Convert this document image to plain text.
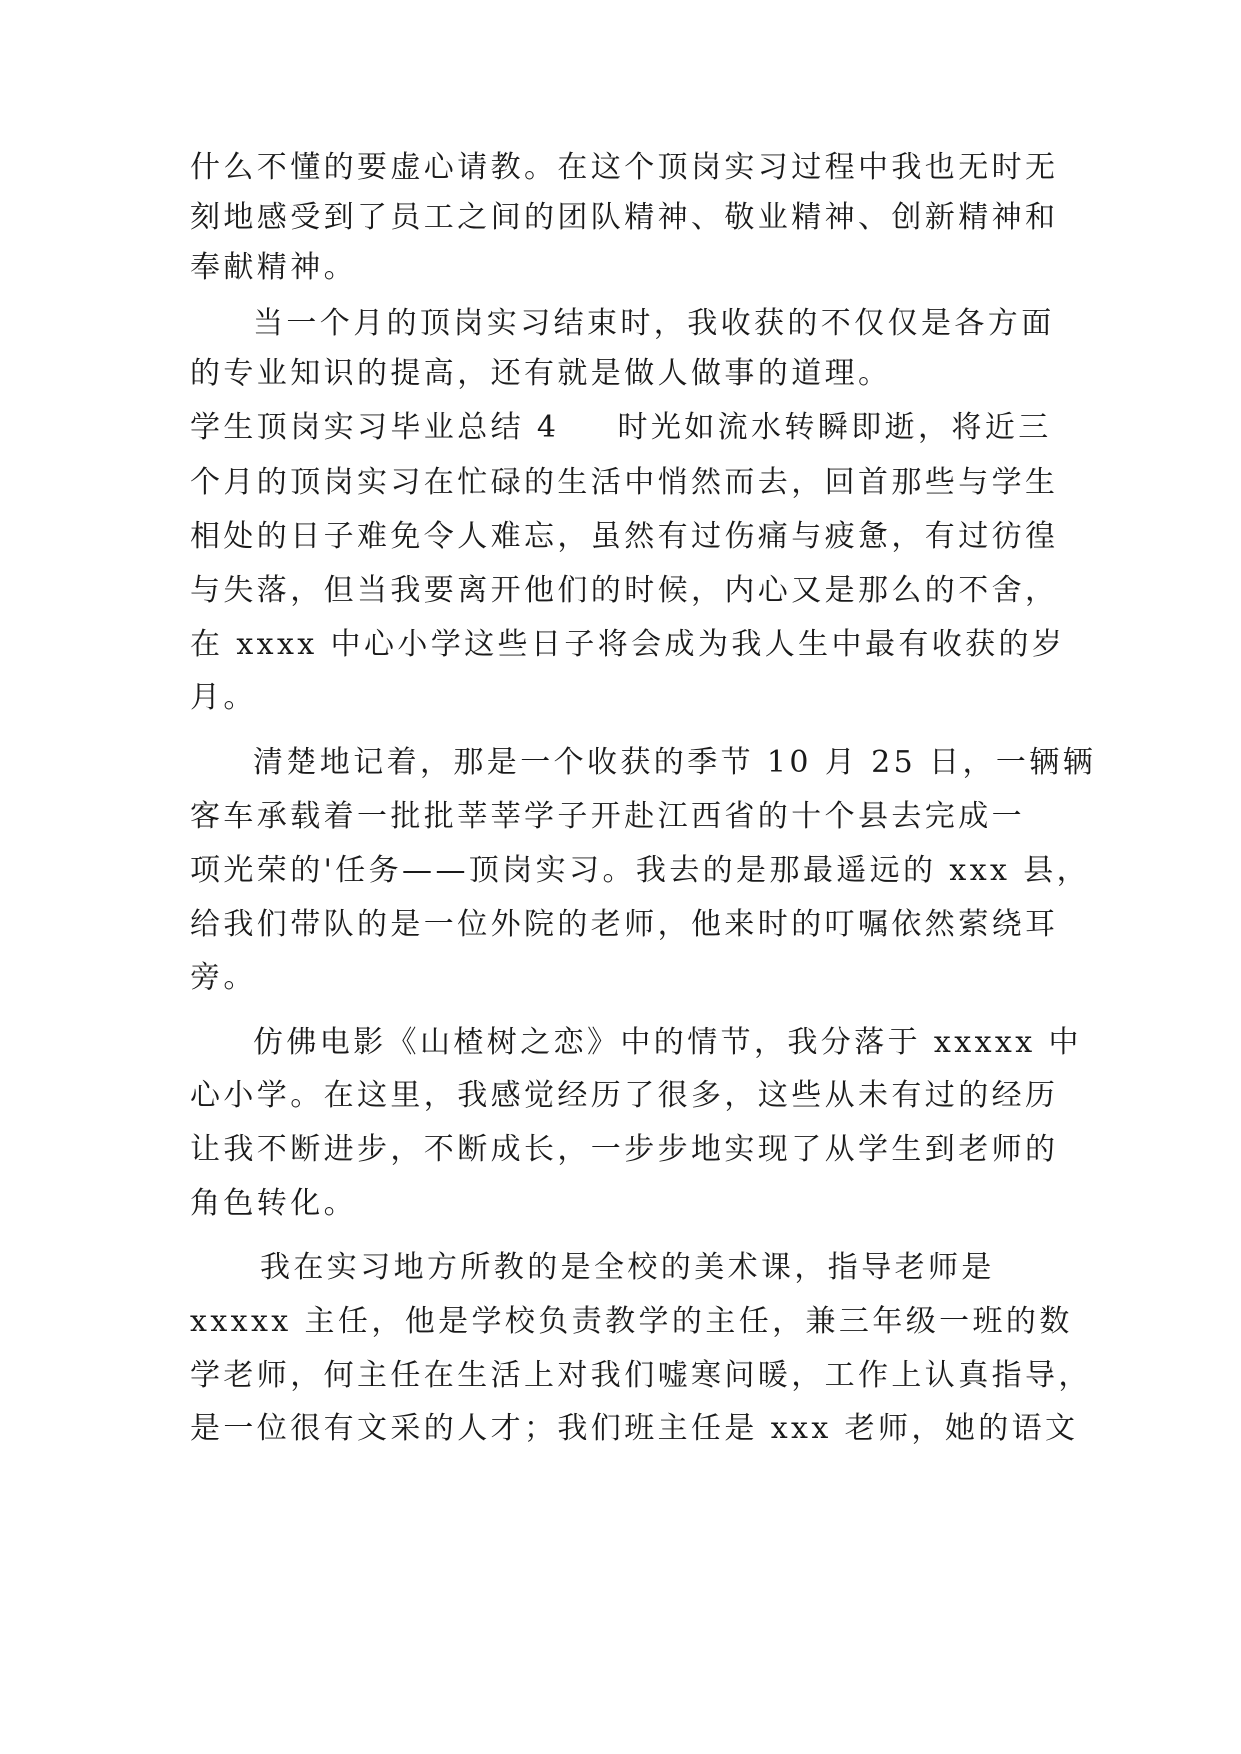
什么不懂的要虚心请教。在这个顶岗实习过程中我也无时无
刻地感受到了员工之间的团队精神、敬业精神、创新精神和
奉献精神。
当一个月的顶岗实习结束时，我收获的不仅仅是各方面
的专业知识的提高，还有就是做人做事的道理。
学生顶岗实习毕业总结 4 时光如流水转瞬即逝，将近三
个月的顶岗实习在忙碌的生活中悄然而去，回首那些与学生
相处的日子难免令人难忘，虽然有过伤痛与疲惫，有过彷徨
与失落，但当我要离开他们的时候，内心又是那么的不舍，
在 xxxx 中心小学这些日子将会成为我人生中最有收获的岁
月。
清楚地记着，那是一个收获的季节 10 月 25 日，一辆辆
客车承载着一批批莘莘学子开赴江西省的十个县去完成一
项光荣的'任务——顶岗实习。我去的是那最遥远的 xxx 县，
给我们带队的是一位外院的老师，他来时的叮嘱依然萦绕耳
旁。
仿佛电影《山楂树之恋》中的情节，我分落于 xxxxx 中
心小学。在这里，我感觉经历了很多，这些从未有过的经历
让我不断进步，不断成长，一步步地实现了从学生到老师的
角色转化。
我在实习地方所教的是全校的美术课，指导老师是
xxxxx 主任，他是学校负责教学的主任，兼三年级一班的数
学老师，何主任在生活上对我们嘘寒问暖，工作上认真指导，
是一位很有文采的人才；我们班主任是 xxx 老师，她的语文
